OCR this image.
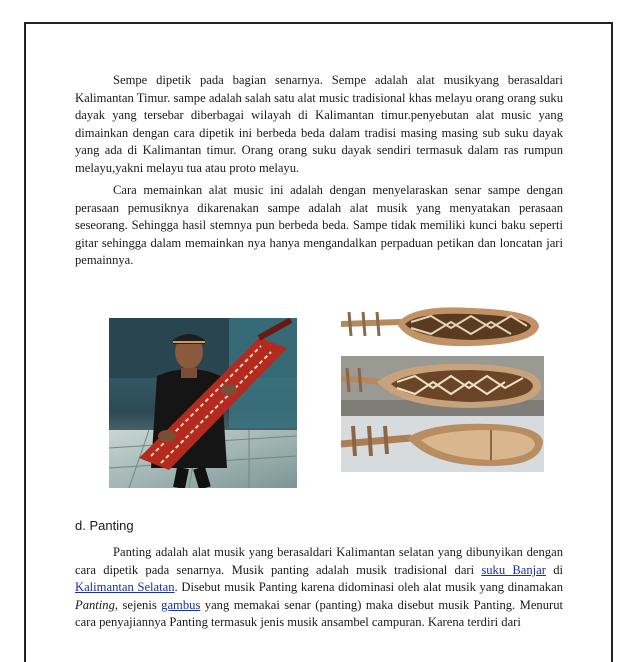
Sempe dipetik pada bagian senarnya. Sempe adalah alat musikyang berasaldari Kalimantan Timur. sampe adalah salah satu alat music tradisional khas melayu orang orang suku dayak yang tersebar diberbagai wilayah di Kalimantan timur.penyebutan alat music yang dimainkan dengan cara dipetik ini berbeda beda dalam tradisi masing masing sub suku dayak yang ada di Kalimantan timur. Orang orang suku dayak sendiri termasuk dalam ras rumpun melayu,yakni melayu tua atau proto melayu.

Cara memainkan alat music ini adalah dengan menyelaraskan senar sampe dengan perasaan pemusiknya dikarenakan sampe adalah alat musik yang menyatakan perasaan seseorang. Sehingga hasil stemnya pun berbeda beda. Sampe tidak memiliki kunci baku seperti gitar sehingga dalam memainkan nya hanya mengandalkan perpaduan petikan dan loncatan jari pemainnya.

d. Panting

Panting adalah alat musik yang berasaldari Kalimantan selatan yang dibunyikan dengan cara dipetik pada senarnya. Musik panting adalah musik tradisional dari suku Banjar di Kalimantan Selatan. Disebut musik Panting karena didominasi oleh alat musik yang dinamakan Panting, sejenis gambus yang memakai senar (panting) maka disebut musik Panting. Menurut cara penyajiannya Panting termasuk jenis musik ansambel campuran. Karena terdiri dari
